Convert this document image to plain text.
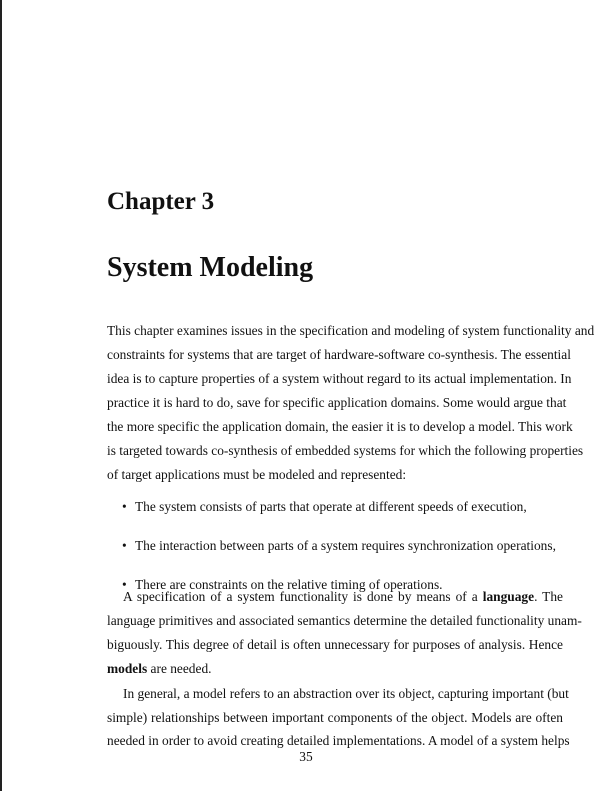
Chapter 3
System Modeling
This chapter examines issues in the specification and modeling of system functionality and
constraints for systems that are target of hardware-software co-synthesis. The essential
idea is to capture properties of a system without regard to its actual implementation. In
practice it is hard to do, save for specific application domains. Some would argue that
the more specific the application domain, the easier it is to develop a model. This work
is targeted towards co-synthesis of embedded systems for which the following properties
of target applications must be modeled and represented:
• The system consists of parts that operate at different speeds of execution,
• The interaction between parts of a system requires synchronization operations,
• There are constraints on the relative timing of operations.
A specification of a system functionality is done by means of a language. The
language primitives and associated semantics determine the detailed functionality unam-
biguously. This degree of detail is often unnecessary for purposes of analysis. Hence
models are needed.
In general, a model refers to an abstraction over its object, capturing important (but
simple) relationships between important components of the object. Models are often
needed in order to avoid creating detailed implementations. A model of a system helps
35
